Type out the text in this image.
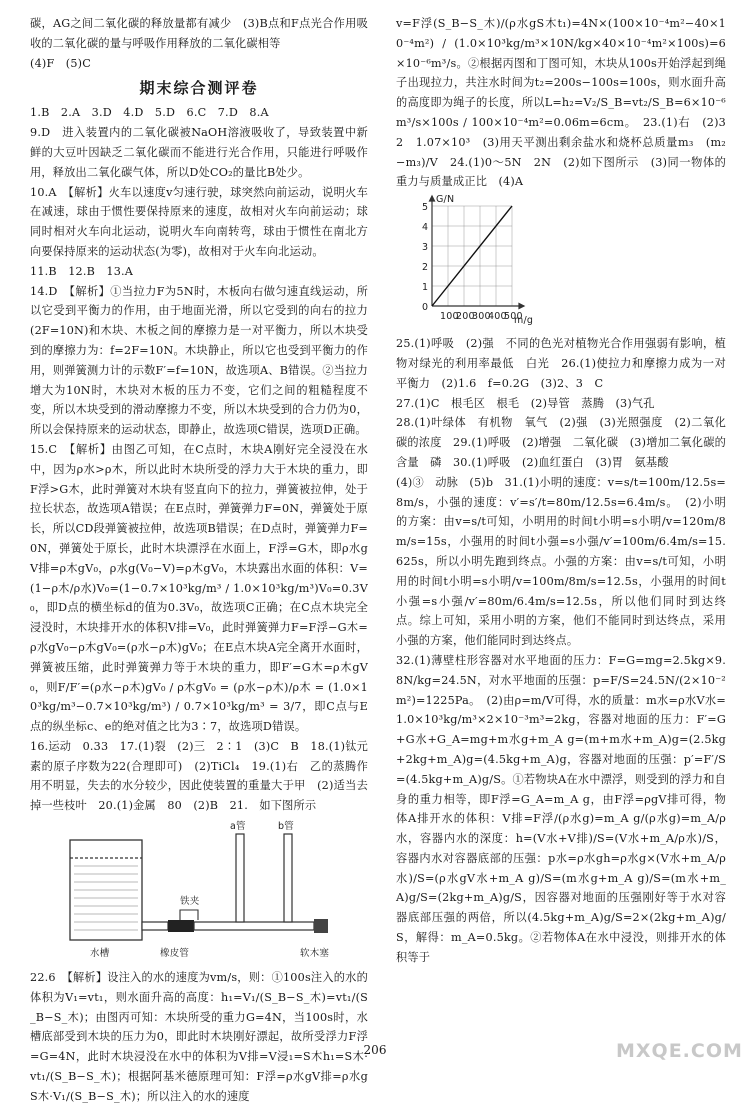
碳，AG之间二氧化碳的释放量都有减少　(3)B点和F点光合作用吸收的二氧化碳的量与呼吸作用释放的二氧化碳相等

(4)F　(5)C

期末综合测评卷

1.B　2.A　3.D　4.D　5.D　6.C　7.D　8.A

9.D　进入装置内的二氧化碳被NaOH溶液吸收了，导致装置中新鲜的大豆叶因缺乏二氧化碳而不能进行光合作用，只能进行呼吸作用，释放出二氧化碳气体，所以D处CO₂的量比B处少。

10.A　【解析】火车以速度v匀速行驶，球突然向前运动，说明火车在减速，球由于惯性要保持原来的速度，故相对火车向前运动；球同时相对火车向北运动，说明火车向南转弯，球由于惯性在南北方向要保持原来的运动状态(为零)，故相对于火车向北运动。

11.B　12.B　13.A

14.D　【解析】①当拉力F为5N时，木板向右做匀速直线运动，所以它受到平衡力的作用，由于地面光滑，所以它受到的向右的拉力(2F=10N)和木块、木板之间的摩擦力是一对平衡力，所以木块受到的摩擦力为：f=2F=10N。木块静止，所以它也受到平衡力的作用，则弹簧测力计的示数F′=f=10N，故选项A、B错误。②当拉力增大为10N时，木块对木板的压力不变，它们之间的粗糙程度不变，所以木块受到的滑动摩擦力不变，所以木块受到的合力仍为0，所以会保持原来的运动状态，即静止，故选项C错误，选项D正确。

15.C　【解析】由图乙可知，在C点时，木块A刚好完全浸没在水中，因为ρ水>ρ木，所以此时木块所受的浮力大于木块的重力，即F浮>G木，此时弹簧对木块有竖直向下的拉力，弹簧被拉伸，处于拉长状态，故选项A错误；在E点时，弹簧弹力F=0N，弹簧处于原长，所以CD段弹簧被拉伸，故选项B错误；在D点时，弹簧弹力F=0N，弹簧处于原长，此时木块漂浮在水面上，F浮=G木，即ρ水gV排=ρ木gV₀，ρ水g(V₀−V)=ρ木gV₀，木块露出水面的体积：V=(1−ρ木/ρ水)V₀=(1−0.7×10³kg/m³ / 1.0×10³kg/m³)V₀=0.3V₀，即D点的横坐标d的值为0.3V₀，故选项C正确；在C点木块完全浸没时，木块排开水的体积V排=V₀，此时弹簧弹力F=F浮−G木=ρ水gV₀−ρ木gV₀=(ρ水−ρ木)gV₀；在E点木块A完全离开水面时，弹簧被压缩，此时弹簧弹力等于木块的重力，即F′=G木=ρ木gV₀，则F/F′=(ρ水−ρ木)gV₀ / ρ木gV₀ = (ρ水−ρ木)/ρ木 = (1.0×10³kg/m³−0.7×10³kg/m³) / 0.7×10³kg/m³ = 3/7，即C点与E点的纵坐标c、e的绝对值之比为3∶7，故选项D错误。

16.运动　0.33　17.(1)裂　(2)三　2∶1　(3)C　B　18.(1)钛元素的原子序数为22(合理即可)　(2)TiCl₄　19.(1)右　乙的蒸腾作用不明显，失去的水分较少，因此使装置的重量大于甲　(2)适当去掉一些枝叶　20.(1)金属　80　(2)B　21.　如下图所示

a管	b管
铁夹
水槽	橡皮管	软木塞

22.6　【解析】设注入的水的速度为vm/s，则：①100s注入的水的体积为V₁=vt₁，则水面升高的高度：h₁=V₁/(S_B−S_木)=vt₁/(S_B−S_木)；由图丙可知：木块所受的重力G=4N，当100s时，水槽底部受到木块的压力为0，即此时木块刚好漂起，故所受浮力F浮=G=4N，此时木块浸没在水中的体积为V排=V浸₁=S木h₁=S木·vt₁/(S_B−S_木)；根据阿基米德原理可知：F浮=ρ水gV排=ρ水gS木·V₁/(S_B−S_木)；所以注入的水的速度

v=F浮(S_B−S_木)/(ρ水gS木t₁)=4N×(100×10⁻⁴m²−40×10⁻⁴m²) / (1.0×10³kg/m³×10N/kg×40×10⁻⁴m²×100s)=6×10⁻⁶m³/s。②根据丙图和丁图可知，木块从100s开始浮起到绳子出现拉力，共注水时间为t₂=200s−100s=100s，则水面升高的高度即为绳子的长度，所以L=h₂=V₂/S_B=vt₂/S_B=6×10⁻⁶m³/s×100s / 100×10⁻⁴m²=0.06m=6cm。　23.(1)右　(2)32　1.07×10³　(3)用天平测出剩余盐水和烧杯总质量m₃　(m₂−m₃)/V　24.(1)0～5N　2N　(2)如下图所示　(3)同一物体的重力与质量成正比　(4)A

G/N
m/g
0
1
2
3
4
5
100
200
300
400
500

25.(1)呼吸　(2)强　不同的色光对植物光合作用强弱有影响，植物对绿光的利用率最低　白光　26.(1)使拉力和摩擦力成为一对平衡力　(2)1.6　f=0.2G　(3)2、3　C

27.(1)C　根毛区　根毛　(2)导管　蒸腾　(3)气孔

28.(1)叶绿体　有机物　氧气　(2)强　(3)光照强度　(2)二氧化碳的浓度　29.(1)呼吸　(2)增强　二氧化碳　(3)增加二氧化碳的含量　磷　30.(1)呼吸　(2)血红蛋白　(3)胃　氨基酸

(4)③　动脉　(5)b　31.(1)小明的速度：v=s/t=100m/12.5s=8m/s，小强的速度：v′=s′/t=80m/12.5s=6.4m/s。　(2)小明的方案：由v=s/t可知，小明用的时间t小明=s小明/v=120m/8m/s=15s，小强用的时间t小强=s小强/v′=100m/6.4m/s=15.625s，所以小明先跑到终点。小强的方案：由v=s/t可知，小明用的时间t小明=s小明/v=100m/8m/s=12.5s，小强用的时间t小强=s小强/v′=80m/6.4m/s=12.5s，所以他们同时到达终点。综上可知，采用小明的方案，他们不能同时到达终点，采用小强的方案，他们能同时到达终点。

32.(1)薄壁柱形容器对水平地面的压力：F=G=mg=2.5kg×9.8N/kg=24.5N，对水平地面的压强：p=F/S=24.5N/(2×10⁻²m²)=1225Pa。　(2)由ρ=m/V可得，水的质量：m水=ρ水V水=1.0×10³kg/m³×2×10⁻³m³=2kg，容器对地面的压力：F′=G+G水+G_A=mg+m水g+m_A g=(m+m水+m_A)g=(2.5kg+2kg+m_A)g=(4.5kg+m_A)g，容器对地面的压强：p′=F′/S=(4.5kg+m_A)g/S。①若物块A在水中漂浮，则受到的浮力和自身的重力相等，即F浮=G_A=m_A g，由F浮=ρgV排可得，物体A排开水的体积：V排=F浮/(ρ水g)=m_A g/(ρ水g)=m_A/ρ水，容器内水的深度：h=(V水+V排)/S=(V水+m_A/ρ水)/S，容器内水对容器底部的压强：p水=ρ水gh=ρ水g×(V水+m_A/ρ水)/S=(ρ水gV水+m_A g)/S=(m水g+m_A g)/S=(m水+m_A)g/S=(2kg+m_A)g/S，因容器对地面的压强刚好等于水对容器底部压强的两倍，所以(4.5kg+m_A)g/S=2×(2kg+m_A)g/S，解得：m_A=0.5kg。②若物体A在水中浸没，则排开水的体积等于

206	MXQE.COM
